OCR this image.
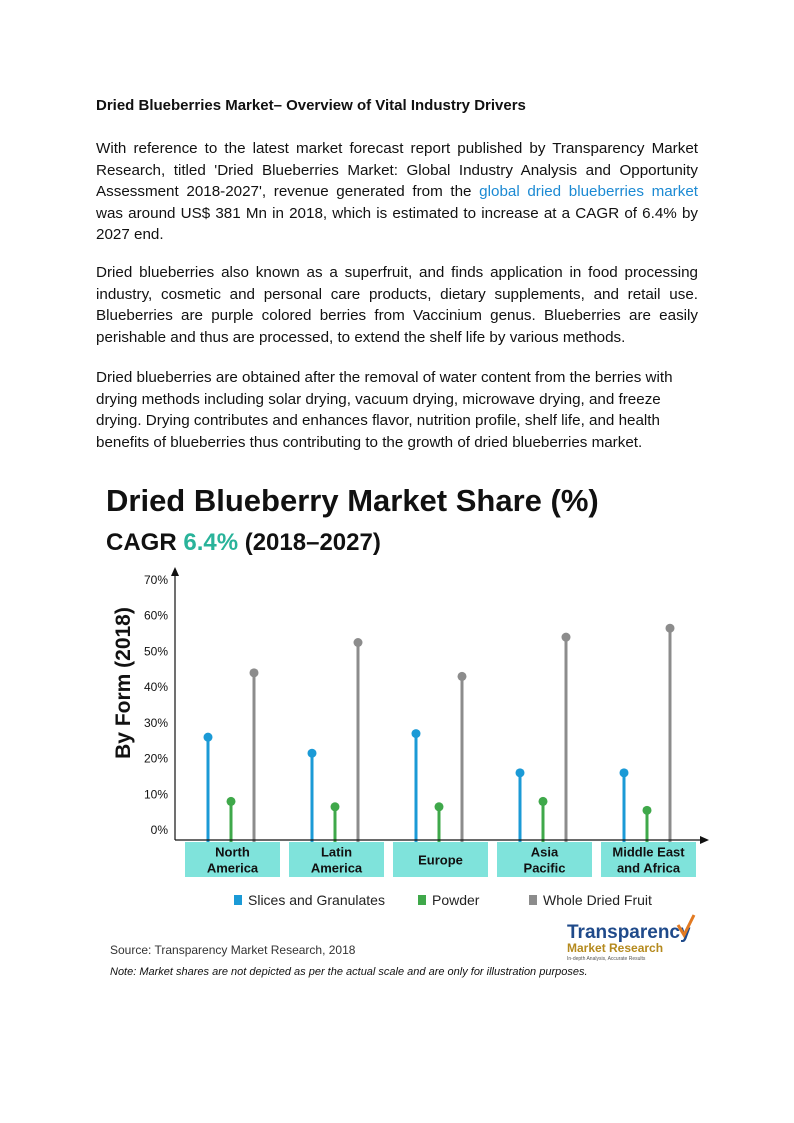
Dried Blueberries Market– Overview of Vital Industry Drivers

With reference to the latest market forecast report published by Transparency Market Research, titled 'Dried Blueberries Market: Global Industry Analysis and Opportunity Assessment 2018-2027', revenue generated from the global dried blueberries market was around US$ 381 Mn in 2018, which is estimated to increase at a CAGR of 6.4% by 2027 end.

Dried blueberries also known as a superfruit, and finds application in food processing industry, cosmetic and personal care products, dietary supplements, and retail use. Blueberries are purple colored berries from Vaccinium genus. Blueberries are easily perishable and thus are processed, to extend the shelf life by various methods.

Dried blueberries are obtained after the removal of water content from the berries with drying methods including solar drying, vacuum drying, microwave drying, and freeze drying. Drying contributes and enhances flavor, nutrition profile, shelf life, and health benefits of blueberries thus contributing to the growth of dried blueberries market.

Dried Blueberry Market Share (%)
CAGR 6.4% (2018–2027)
By Form (2018)
0%
10%
20%
30%
40%
50%
60%
70%
North
America
Latin
America
Europe
Asia
Pacific
Middle East
and Africa
Slices and Granulates	Powder	Whole Dried Fruit
Transparency
Market Research
In-depth Analysis, Accurate Results
Source: Transparency Market Research, 2018
Note: Market shares are not depicted as per the actual scale and are only for illustration purposes.
